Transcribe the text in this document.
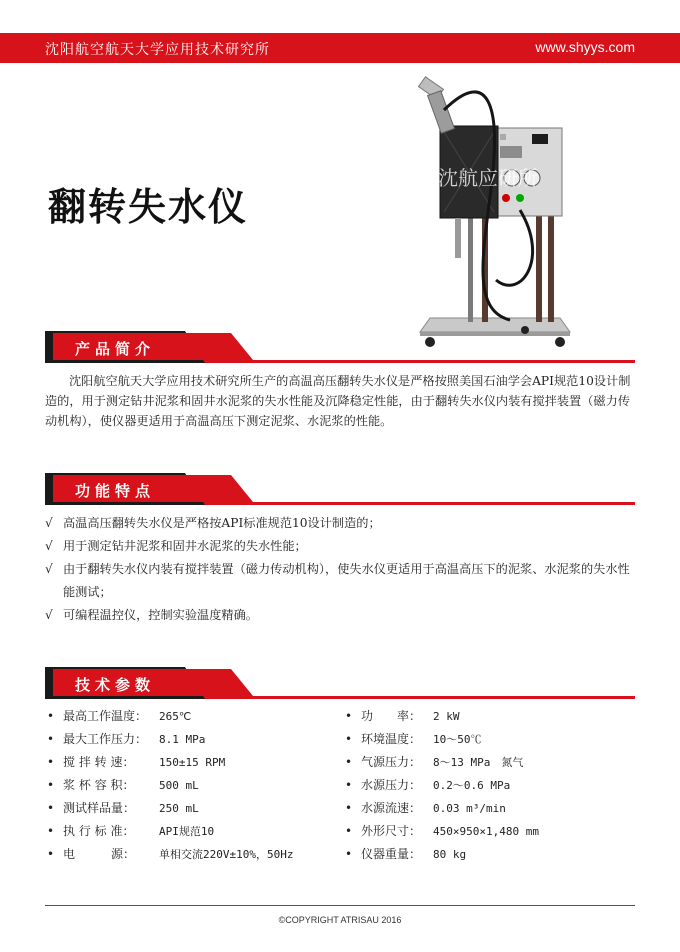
沈阳航空航天大学应用技术研究所	www.shyys.com
翻转失水仪
沈航应研所
产品简介

沈阳航空航天大学应用技术研究所生产的高温高压翻转失水仪是严格按照美国石油学会API规范10设计制造的，用于测定钻井泥浆和固井水泥浆的失水性能及沉降稳定性能，由于翻转失水仪内装有搅拌装置（磁力传动机构），使仪器更适用于高温高压下测定泥浆、水泥浆的性能。

功能特点
√ 高温高压翻转失水仪是严格按API标准规范10设计制造的；
√ 用于测定钻井泥浆和固井水泥浆的失水性能；
√ 由于翻转失水仪内装有搅拌装置（磁力传动机构），使失水仪更适用于高温高压下的泥浆、水泥浆的失水性能测试；
√ 可编程温控仪，控制实验温度精确。
技术参数
• 最高工作温度： 265℃
• 最大工作压力： 8.1 MPa
• 搅 拌 转 速： 150±15 RPM
• 浆 杯 容 积： 500 mL
• 测试样品量： 250 mL
• 执 行 标 准： API规范10
• 电　　　源： 单相交流220V±10%，50Hz
• 功　　率： 2 kW
• 环境温度： 10～50℃
• 气源压力： 8～13 MPa　氮气
• 水源压力： 0.2～0.6 MPa
• 水源流速： 0.03 m³/min
• 外形尺寸： 450×950×1,480 mm
• 仪器重量： 80 kg
©COPYRIGHT ATRISAU 2016
